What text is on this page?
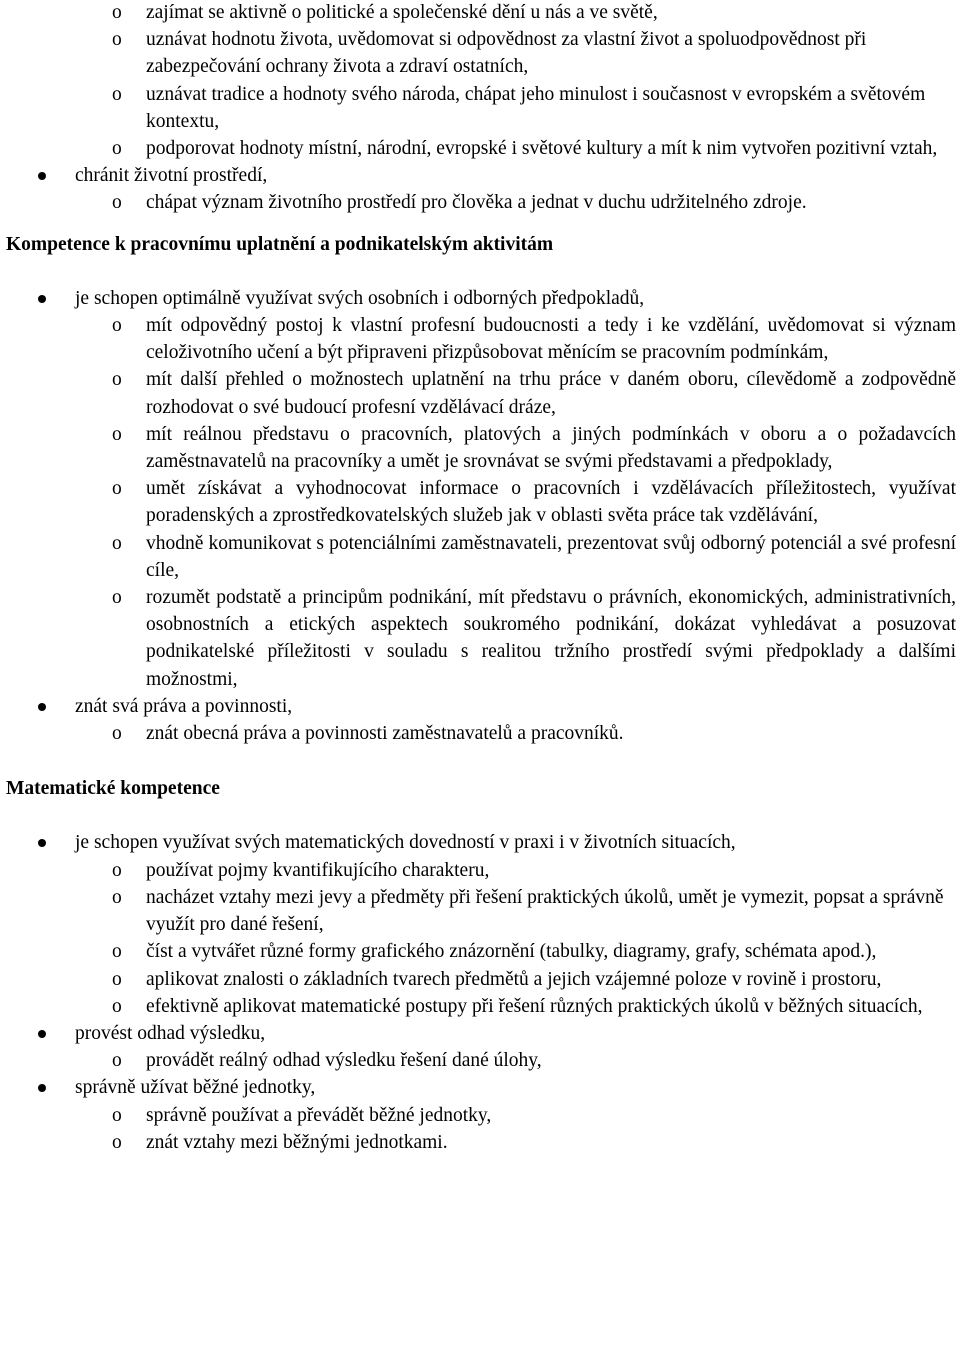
o zajímat se aktivně o politické a společenské dění u nás a ve světě,
o uznávat hodnotu života, uvědomovat si odpovědnost za vlastní život a spoluodpovědnost při zabezpečování ochrany života a zdraví ostatních,
o uznávat tradice a hodnoty svého národa, chápat jeho minulost i současnost v evropském a světovém kontextu,
o podporovat hodnoty místní, národní, evropské i světové kultury a mít k nim vytvořen pozitivní vztah,
chránit životní prostředí,
o chápat význam životního prostředí pro člověka a jednat v duchu udržitelného zdroje.

Kompetence k pracovnímu uplatnění a podnikatelským aktivitám

je schopen optimálně využívat svých osobních i odborných předpokladů,
o mít odpovědný postoj k vlastní profesní budoucnosti a tedy i ke vzdělání, uvědomovat si význam celoživotního učení a být připraveni přizpůsobovat měnícím se pracovním podmínkám,
o mít další přehled o možnostech uplatnění na trhu práce v daném oboru, cílevědomě a zodpovědně rozhodovat o své budoucí profesní vzdělávací dráze,
o mít reálnou představu o pracovních, platových a jiných podmínkách v oboru a o požadavcích zaměstnavatelů na pracovníky a umět je srovnávat se svými představami a předpoklady,
o umět získávat a vyhodnocovat informace o pracovních i vzdělávacích příležitostech, využívat poradenských a zprostředkovatelských služeb jak v oblasti světa práce tak vzdělávání,
o vhodně komunikovat s potenciálními zaměstnavateli, prezentovat svůj odborný potenciál a své profesní cíle,
o rozumět podstatě a principům podnikání, mít představu o právních, ekonomických, administrativních, osobnostních a etických aspektech soukromého podnikání, dokázat vyhledávat a posuzovat podnikatelské příležitosti v souladu s realitou tržního prostředí svými předpoklady a dalšími možnostmi,
znát svá práva a povinnosti,
o znát obecná práva a povinnosti zaměstnavatelů a pracovníků.

Matematické kompetence

je schopen využívat svých matematických dovedností v praxi i v životních situacích,
o používat pojmy kvantifikujícího charakteru,
o nacházet vztahy mezi jevy a předměty při řešení praktických úkolů, umět je vymezit, popsat a správně využít pro dané řešení,
o číst a vytvářet různé formy grafického znázornění (tabulky, diagramy, grafy, schémata apod.),
o aplikovat znalosti o základních tvarech předmětů a jejich vzájemné poloze v rovině i prostoru,
o efektivně aplikovat matematické postupy při řešení různých praktických úkolů v běžných situacích,
provést odhad výsledku,
o provádět reálný odhad výsledku řešení dané úlohy,
správně užívat běžné jednotky,
o správně používat a převádět běžné jednotky,
o znát vztahy mezi běžnými jednotkami.
